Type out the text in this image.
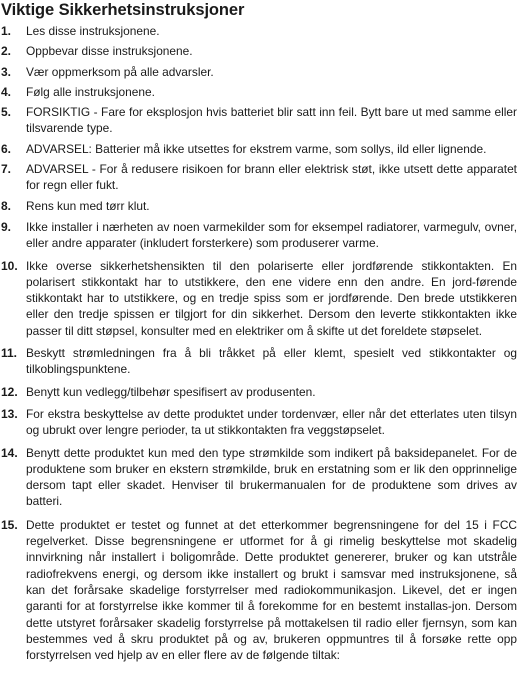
Viktige Sikkerhetsinstruksjoner
1. Les disse instruksjonene.
2. Oppbevar disse instruksjonene.
3. Vær oppmerksom på alle advarsler.
4. Følg alle instruksjonene.
5. FORSIKTIG - Fare for eksplosjon hvis batteriet blir satt inn feil. Bytt bare ut med samme eller tilsvarende type.
6. ADVARSEL: Batterier må ikke utsettes for ekstrem varme, som sollys, ild eller lignende.
7. ADVARSEL - For å redusere risikoen for brann eller elektrisk støt, ikke utsett dette apparatet for regn eller fukt.
8. Rens kun med tørr klut.
9. Ikke installer i nærheten av noen varmekilder som for eksempel radiatorer, varmegulv, ovner, eller andre apparater (inkludert forsterkere) som produserer varme.
10. Ikke overse sikkerhetshensikten til den polariserte eller jordførende stikkontakten. En polarisert stikkontakt har to utstikkere, den ene videre enn den andre. En jord-førende stikkontakt har to utstikkere, og en tredje spiss som er jordførende. Den brede utstikkeren eller den tredje spissen er tilgjort for din sikkerhet. Dersom den leverte stikkontakten ikke passer til ditt støpsel, konsulter med en elektriker om å skifte ut det foreldete støpselet.
11. Beskytt strømledningen fra å bli tråkket på eller klemt, spesielt ved stikkontakter og tilkoblingspunktene.
12. Benytt kun vedlegg/tilbehør spesifisert av produsenten.
13. For ekstra beskyttelse av dette produktet under tordenvær, eller når det etterlates uten tilsyn og ubrukt over lengre perioder, ta ut stikkontakten fra veggstøpselet.
14. Benytt dette produktet kun med den type strømkilde som indikert på baksidepanelet. For de produktene som bruker en ekstern strømkilde, bruk en erstatning som er lik den opprinnelige dersom tapt eller skadet. Henviser til brukermanualen for de produktene som drives av batteri.
15. Dette produktet er testet og funnet at det etterkommer begrensningene for del 15 i FCC regelverket. Disse begrensningene er utformet for å gi rimelig beskyttelse mot skadelig innvirkning når installert i boligområde. Dette produktet genererer, bruker og kan utstråle radiofrekvens energi, og dersom ikke installert og brukt i samsvar med instruksjonene, så kan det forårsake skadelige forstyrrelser med radiokommunikasjon. Likevel, det er ingen garanti for at forstyrrelse ikke kommer til å forekomme for en bestemt installas-jon. Dersom dette utstyret forårsaker skadelig forstyrrelse på mottakelsen til radio eller fjernsyn, som kan bestemmes ved å skru produktet på og av, brukeren oppmuntres til å forsøke rette opp forstyrrelsen ved hjelp av en eller flere av de følgende tiltak:
